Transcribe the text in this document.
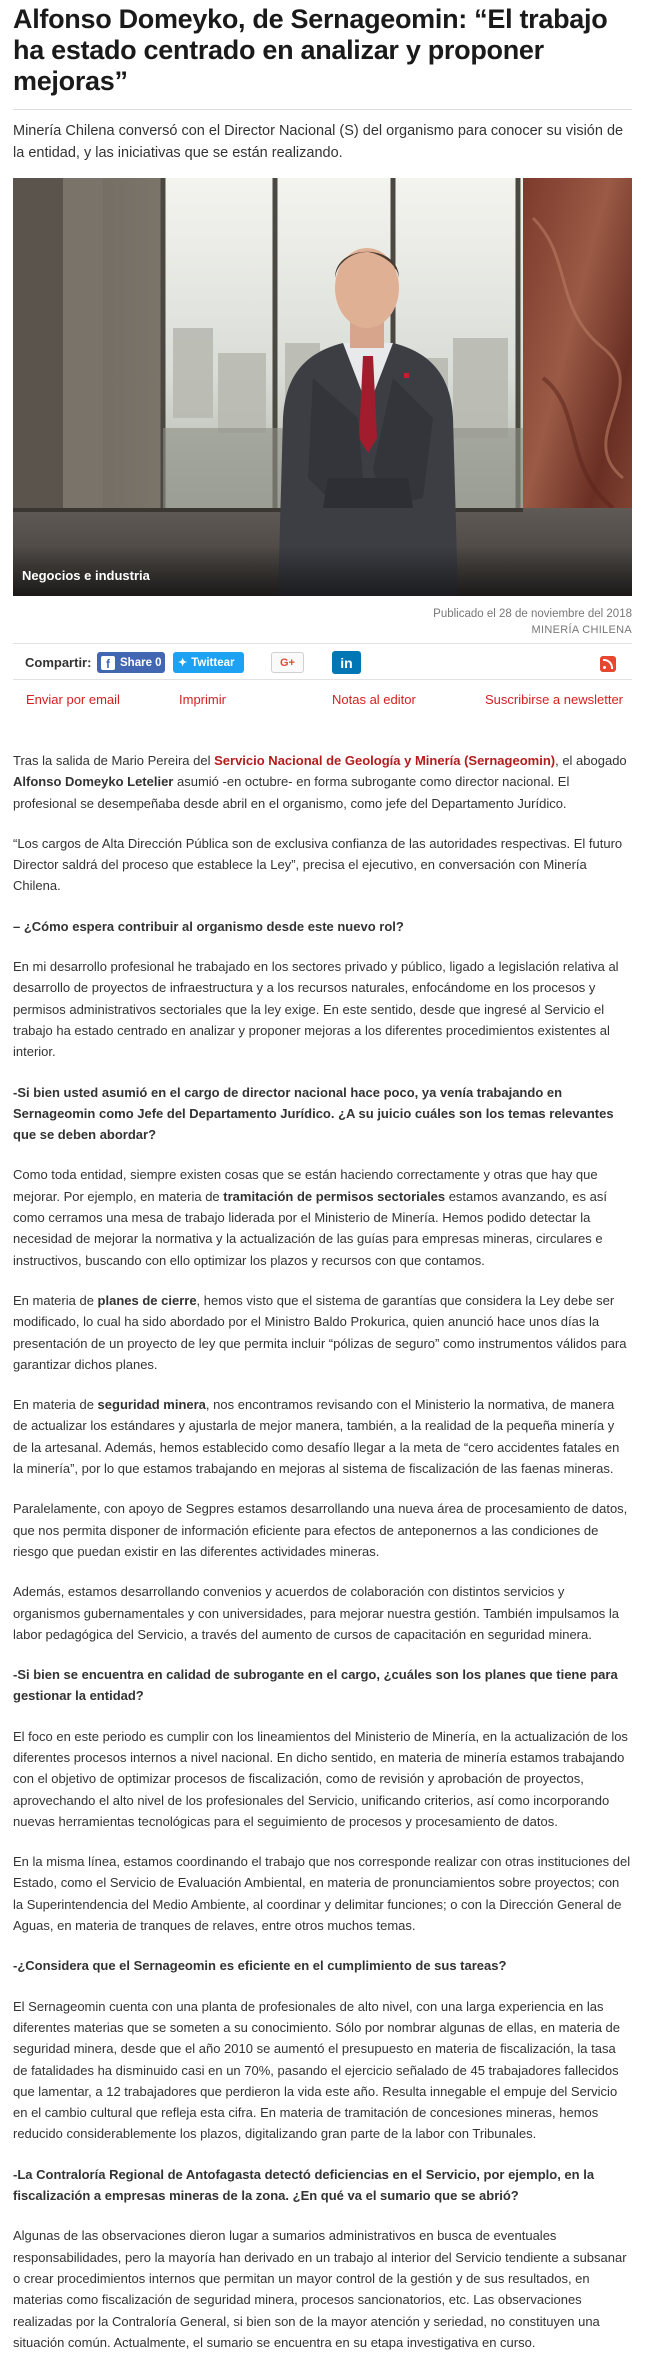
Alfonso Domeyko, de Sernageomin: “El trabajo ha estado centrado en analizar y proponer mejoras”

Minería Chilena conversó con el Director Nacional (S) del organismo para conocer su visión de la entidad, y las iniciativas que se están realizando.

Negocios e industria
Publicado el 28 de noviembre del 2018
MINERÍA CHILENA
Compartir:	f Share 0 ✦ Twittear	G+	in
Enviar por email	Imprimir	Notas al editor	Suscribirse a newsletter

Tras la salida de Mario Pereira del Servicio Nacional de Geología y Minería (Sernageomin), el abogado Alfonso Domeyko Letelier asumió -en octubre- en forma subrogante como director nacional. El profesional se desempeñaba desde abril en el organismo, como jefe del Departamento Jurídico.

“Los cargos de Alta Dirección Pública son de exclusiva confianza de las autoridades respectivas. El futuro Director saldrá del proceso que establece la Ley”, precisa el ejecutivo, en conversación con Minería Chilena.

– ¿Cómo espera contribuir al organismo desde este nuevo rol?

En mi desarrollo profesional he trabajado en los sectores privado y público, ligado a legislación relativa al desarrollo de proyectos de infraestructura y a los recursos naturales, enfocándome en los procesos y permisos administrativos sectoriales que la ley exige. En este sentido, desde que ingresé al Servicio el trabajo ha estado centrado en analizar y proponer mejoras a los diferentes procedimientos existentes al interior.

-Si bien usted asumió en el cargo de director nacional hace poco, ya venía trabajando en Sernageomin como Jefe del Departamento Jurídico. ¿A su juicio cuáles son los temas relevantes que se deben abordar?

Como toda entidad, siempre existen cosas que se están haciendo correctamente y otras que hay que mejorar. Por ejemplo, en materia de tramitación de permisos sectoriales estamos avanzando, es así como cerramos una mesa de trabajo liderada por el Ministerio de Minería. Hemos podido detectar la necesidad de mejorar la normativa y la actualización de las guías para empresas mineras, circulares e instructivos, buscando con ello optimizar los plazos y recursos con que contamos.

En materia de planes de cierre, hemos visto que el sistema de garantías que considera la Ley debe ser modificado, lo cual ha sido abordado por el Ministro Baldo Prokurica, quien anunció hace unos días la presentación de un proyecto de ley que permita incluir “pólizas de seguro” como instrumentos válidos para garantizar dichos planes.

En materia de seguridad minera, nos encontramos revisando con el Ministerio la normativa, de manera de actualizar los estándares y ajustarla de mejor manera, también, a la realidad de la pequeña minería y de la artesanal. Además, hemos establecido como desafío llegar a la meta de “cero accidentes fatales en la minería”, por lo que estamos trabajando en mejoras al sistema de fiscalización de las faenas mineras.

Paralelamente, con apoyo de Segpres estamos desarrollando una nueva área de procesamiento de datos, que nos permita disponer de información eficiente para efectos de anteponernos a las condiciones de riesgo que puedan existir en las diferentes actividades mineras.

Además, estamos desarrollando convenios y acuerdos de colaboración con distintos servicios y organismos gubernamentales y con universidades, para mejorar nuestra gestión. También impulsamos la labor pedagógica del Servicio, a través del aumento de cursos de capacitación en seguridad minera.

-Si bien se encuentra en calidad de subrogante en el cargo, ¿cuáles son los planes que tiene para gestionar la entidad?

El foco en este periodo es cumplir con los lineamientos del Ministerio de Minería, en la actualización de los diferentes procesos internos a nivel nacional. En dicho sentido, en materia de minería estamos trabajando con el objetivo de optimizar procesos de fiscalización, como de revisión y aprobación de proyectos, aprovechando el alto nivel de los profesionales del Servicio, unificando criterios, así como incorporando nuevas herramientas tecnológicas para el seguimiento de procesos y procesamiento de datos.

En la misma línea, estamos coordinando el trabajo que nos corresponde realizar con otras instituciones del Estado, como el Servicio de Evaluación Ambiental, en materia de pronunciamientos sobre proyectos; con la Superintendencia del Medio Ambiente, al coordinar y delimitar funciones; o con la Dirección General de Aguas, en materia de tranques de relaves, entre otros muchos temas.

-¿Considera que el Sernageomin es eficiente en el cumplimiento de sus tareas?

El Sernageomin cuenta con una planta de profesionales de alto nivel, con una larga experiencia en las diferentes materias que se someten a su conocimiento. Sólo por nombrar algunas de ellas, en materia de seguridad minera, desde que el año 2010 se aumentó el presupuesto en materia de fiscalización, la tasa de fatalidades ha disminuido casi en un 70%, pasando el ejercicio señalado de 45 trabajadores fallecidos que lamentar, a 12 trabajadores que perdieron la vida este año. Resulta innegable el empuje del Servicio en el cambio cultural que refleja esta cifra. En materia de tramitación de concesiones mineras, hemos reducido considerablemente los plazos, digitalizando gran parte de la labor con Tribunales.

-La Contraloría Regional de Antofagasta detectó deficiencias en el Servicio, por ejemplo, en la fiscalización a empresas mineras de la zona. ¿En qué va el sumario que se abrió?

Algunas de las observaciones dieron lugar a sumarios administrativos en busca de eventuales responsabilidades, pero la mayoría han derivado en un trabajo al interior del Servicio tendiente a subsanar o crear procedimientos internos que permitan un mayor control de la gestión y de sus resultados, en materias como fiscalización de seguridad minera, procesos sancionatorios, etc. Las observaciones realizadas por la Contraloría General, si bien son de la mayor atención y seriedad, no constituyen una situación común. Actualmente, el sumario se encuentra en su etapa investigativa en curso.
